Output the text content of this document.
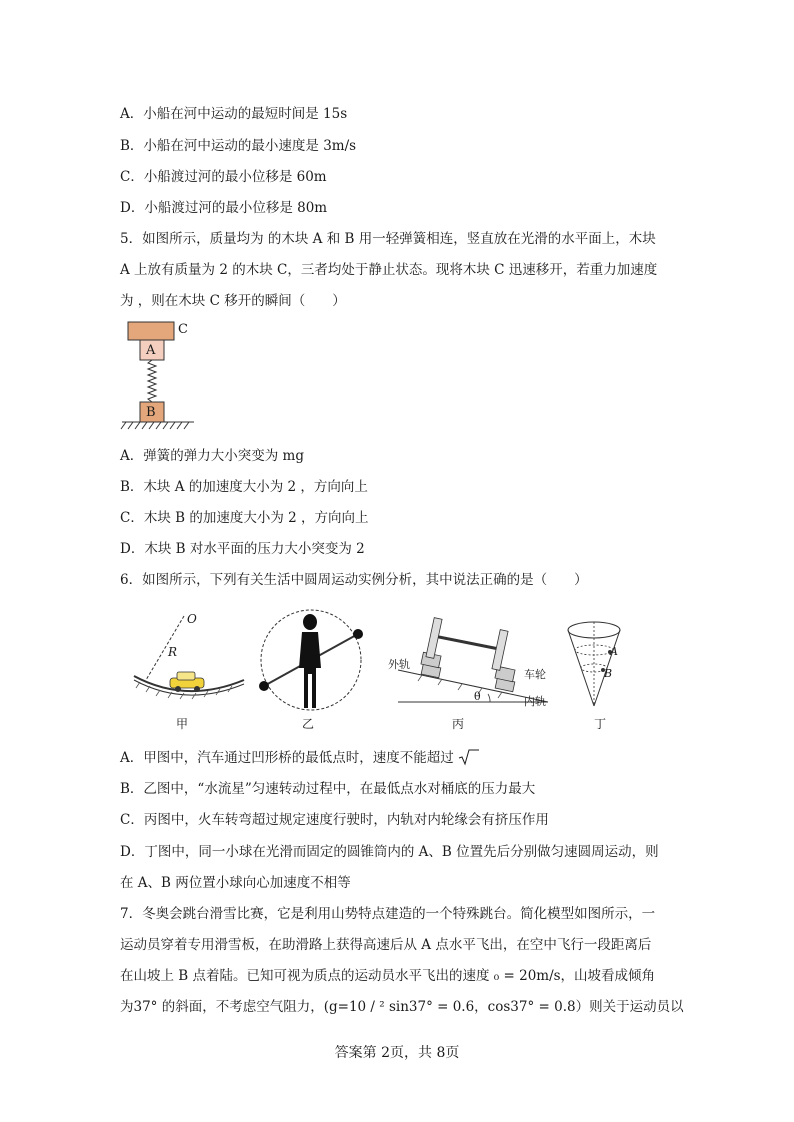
A．小船在河中运动的最短时间是 15s
B．小船在河中运动的最小速度是 3m/s
C．小船渡过河的最小位移是 60m
D．小船渡过河的最小位移是 80m
5．如图所示，质量均为 的木块 A 和 B 用一轻弹簧相连，竖直放在光滑的水平面上，木块
A 上放有质量为 2 的木块 C，三者均处于静止状态。现将木块 C 迅速移开，若重力加速度
为 ，则在木块 C 移开的瞬间（　　）
C
A
B
A．弹簧的弹力大小突变为 mg
B．木块 A 的加速度大小为 2 ，方向向上
C．木块 B 的加速度大小为 2 ，方向向上
D．木块 B 对水平面的压力大小突变为 2
6．如图所示，下列有关生活中圆周运动实例分析，其中说法正确的是（　　）
O
R
甲	乙
外轨
车轮
内轨
θ
丙
A
B
丁
A．甲图中，汽车通过凹形桥的最低点时，速度不能超过
B．乙图中，“水流星”匀速转动过程中，在最低点水对桶底的压力最大
C．丙图中，火车转弯超过规定速度行驶时，内轨对内轮缘会有挤压作用
D．丁图中，同一小球在光滑而固定的圆锥筒内的 A、B 位置先后分别做匀速圆周运动，则
在 A、B 两位置小球向心加速度不相等
7．冬奥会跳台滑雪比赛，它是利用山势特点建造的一个特殊跳台。简化模型如图所示，一
运动员穿着专用滑雪板，在助滑路上获得高速后从 A 点水平飞出，在空中飞行一段距离后
在山坡上 B 点着陆。已知可视为质点的运动员水平飞出的速度 ₀ = 20m/s，山坡看成倾角
为37° 的斜面，不考虑空气阻力，(g=10 / ² sin37° = 0.6，cos37° = 0.8）则关于运动员以
答案第 2页，共 8页
